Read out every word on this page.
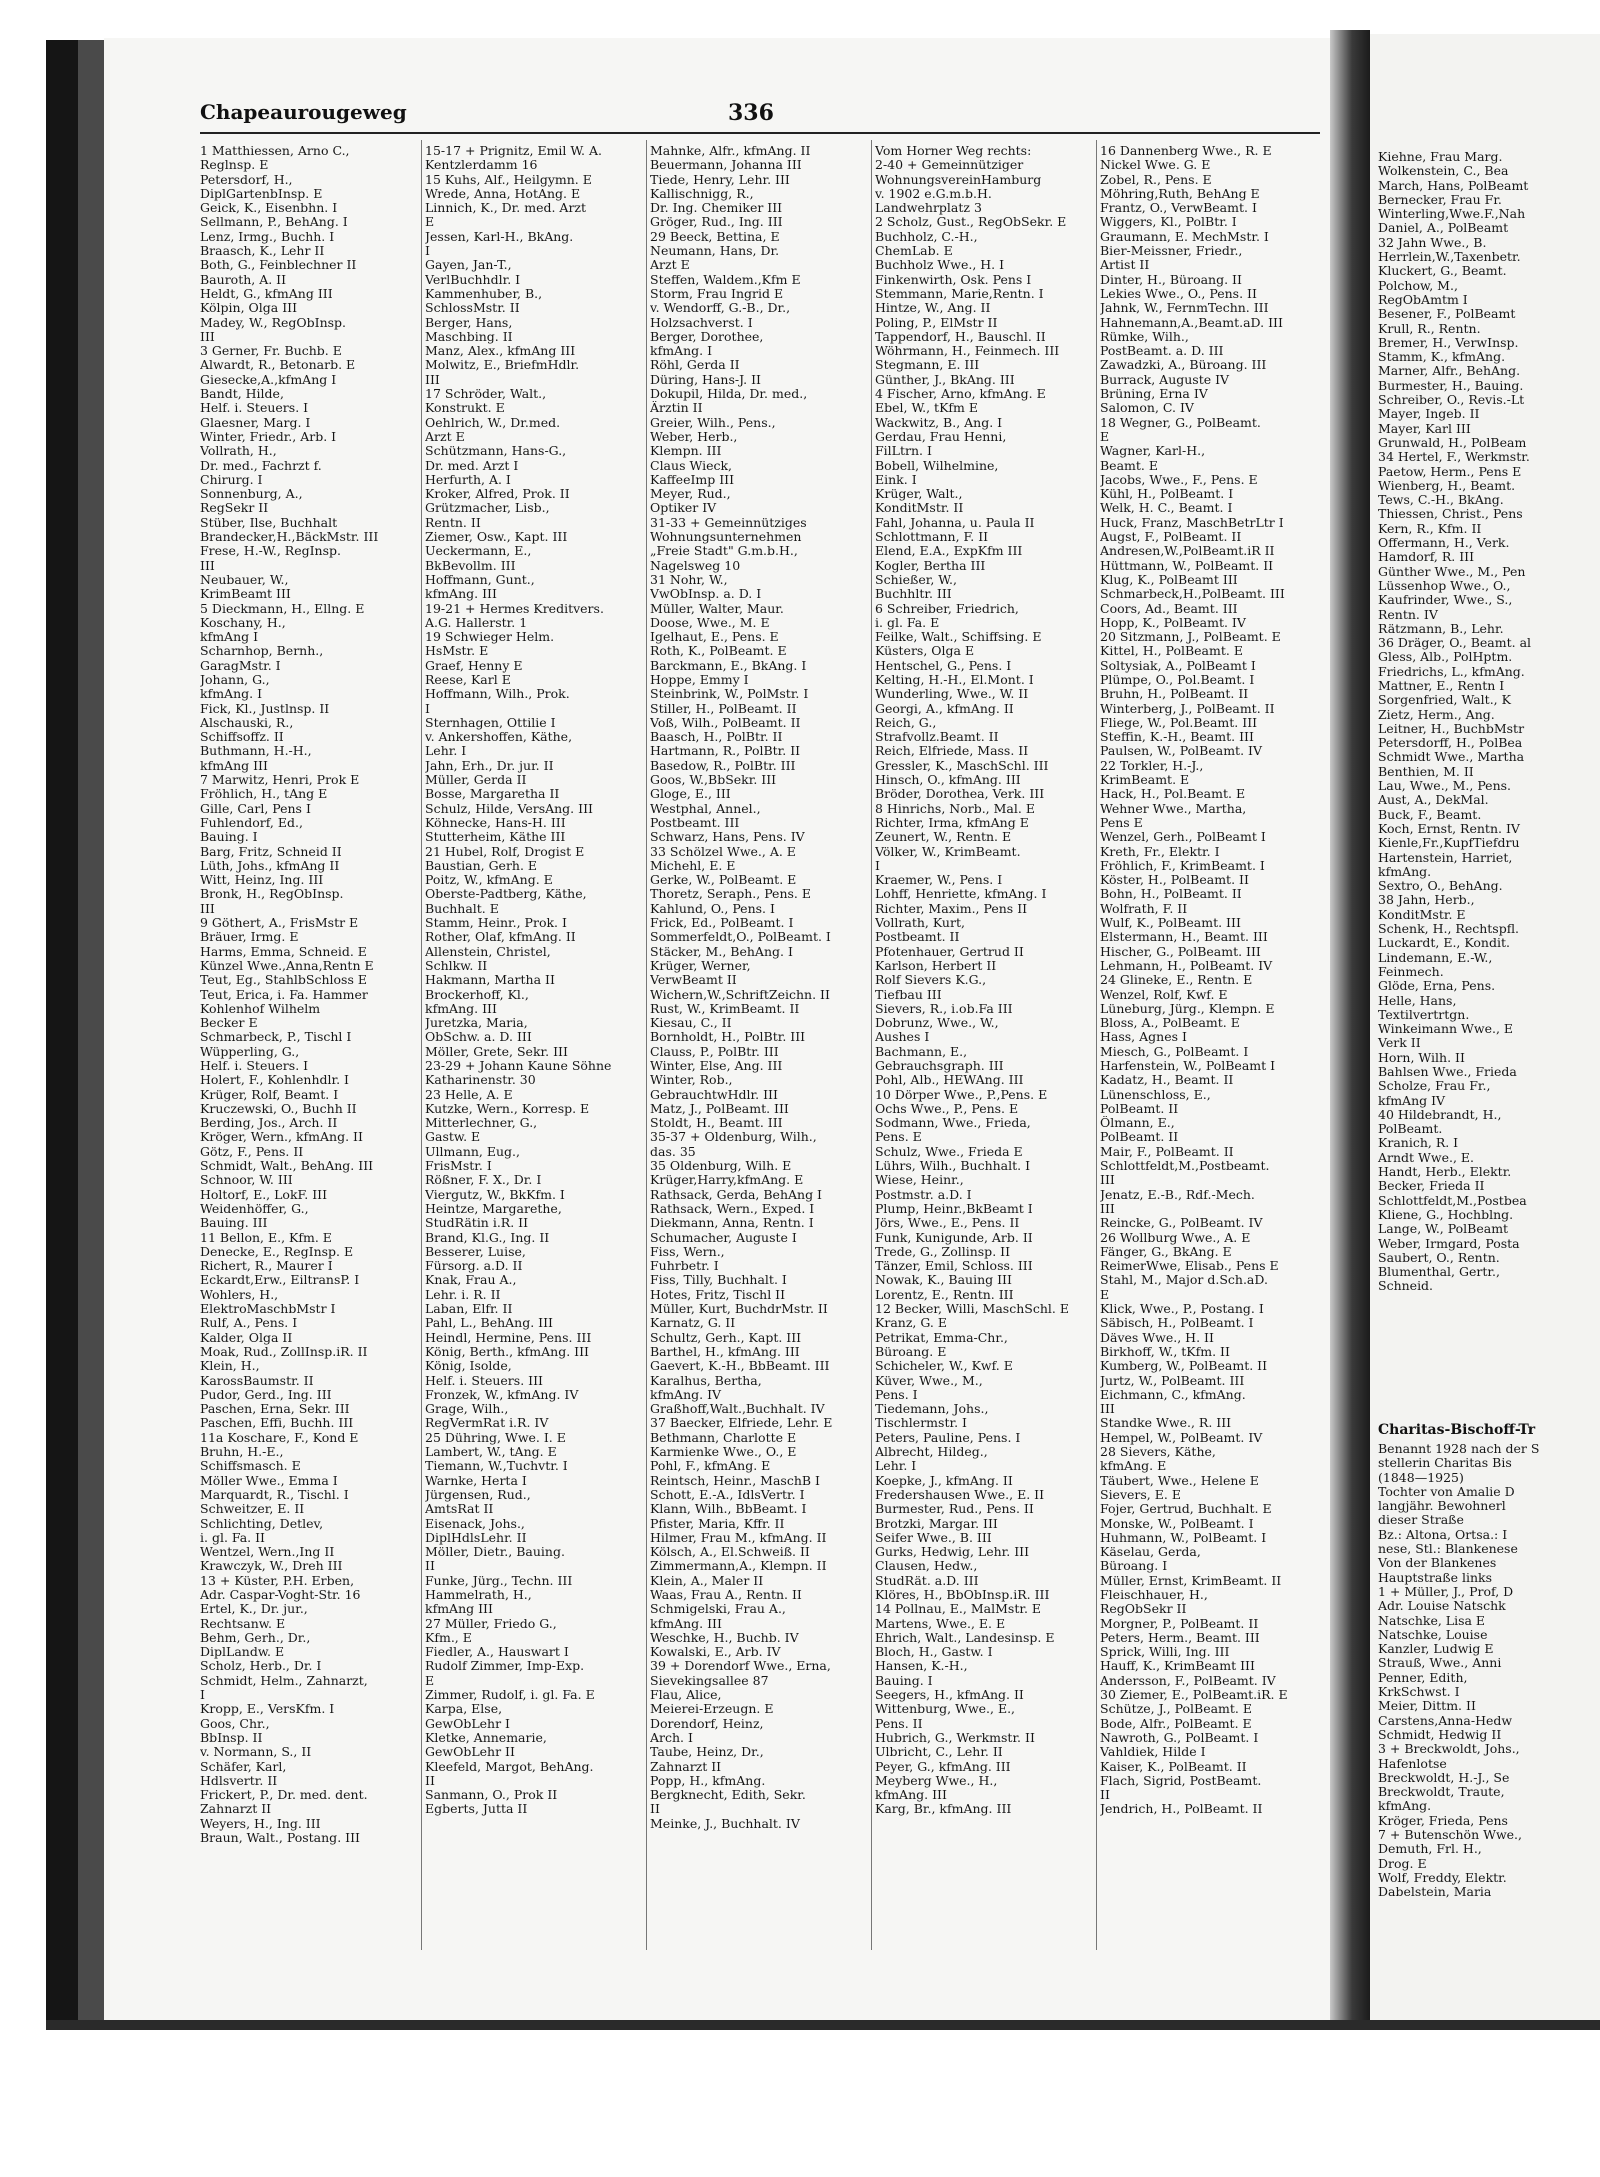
Kiehne, Frau Marg.
Wolkenstein, C., Bea
March, Hans, PolBeamt
Bernecker, Frau Fr.
Winterling,Wwe.F.,Nah
Daniel, A., PolBeamt
32 Jahn Wwe., B.
Herrlein,W.,Taxenbetr.
Kluckert, G., Beamt.
Polchow, M.,
RegObAmtm I
Besener, F., PolBeamt
Krull, R., Rentn.
Bremer, H., VerwInsp.
Stamm, K., kfmAng.
Marner, Alfr., BehAng.
Burmester, H., Bauing.
Schreiber, O., Revis.-Lt
Mayer, Ingeb. II
Mayer, Karl III
Grunwald, H., PolBeam
34 Hertel, F., Werkmstr.
Paetow, Herm., Pens E
Wienberg, H., Beamt.
Tews, C.-H., BkAng.
Thiessen, Christ., Pens
Kern, R., Kfm. II
Offermann, H., Verk.
Hamdorf, R. III
Günther Wwe., M., Pen
Lüssenhop Wwe., O.,
Kaufrinder, Wwe., S.,
Rentn. IV
Rätzmann, B., Lehr.
36 Dräger, O., Beamt. al
Gless, Alb., PolHptm.
Friedrichs, L., kfmAng.
Mattner, E., Rentn I
Sorgenfried, Walt., K
Zietz, Herm., Ang.
Leitner, H., BuchbMstr
Petersdorff, H., PolBea
Schmidt Wwe., Martha
Benthien, M. II
Lau, Wwe., M., Pens.
Aust, A., DekMal.
Buck, F., Beamt.
Koch, Ernst, Rentn. IV
Kienle,Fr.,KupfTiefdru
Hartenstein, Harriet,
kfmAng.
Sextro, O., BehAng.
38 Jahn, Herb.,
KonditMstr. E
Schenk, H., Rechtspfl.
Luckardt, E., Kondit.
Lindemann, E.-W.,
Feinmech.
Glöde, Erna, Pens.
Helle, Hans,
Textilvertrtgn.
Winkeimann Wwe., E
Verk II
Horn, Wilh. II
Bahlsen Wwe., Frieda
Scholze, Frau Fr.,
kfmAng IV
40 Hildebrandt, H.,
PolBeamt.
Kranich, R. I
Arndt Wwe., E.
Handt, Herb., Elektr.
Becker, Frieda II
Schlottfeldt,M.,Postbea
Kliene, G., Hochblng.
Lange, W., PolBeamt
Weber, Irmgard, Posta
Saubert, O., Rentn.
Blumenthal, Gertr.,
Schneid.
Charitas-Bischoff-Tr
Benannt 1928 nach der S
stellerin Charitas Bis
(1848—1925)
Tochter von Amalie D
langjähr. Bewohnerl
dieser Straße
Bz.: Altona, Ortsa.: I
nese, Stl.: Blankenese
Von der Blankenes
Hauptstraße links
1 + Müller, J., Prof, D
Adr. Louise Natschk
Natschke, Lisa E
Natschke, Louise
Kanzler, Ludwig E
Strauß, Wwe., Anni
Penner, Edith,
KrkSchwst. I
Meier, Dittm. II
Carstens,Anna-Hedw
Schmidt, Hedwig II
3 + Breckwoldt, Johs.,
Hafenlotse
Breckwoldt, H.-J., Se
Breckwoldt, Traute,
kfmAng.
Kröger, Frieda, Pens
7 + Butenschön Wwe.,
Demuth, Frl. H.,
Drog. E
Wolf, Freddy, Elektr.
Dabelstein, Maria
Chapeaurougeweg	336
1 Matthiessen, Arno C.,
Reglnsp. E
Petersdorf, H.,
DiplGartenbInsp. E
Geick, K., Eisenbhn. I
Sellmann, P., BehAng. I
Lenz, Irmg., Buchh. I
Braasch, K., Lehr II
Both, G., Feinblechner II
Bauroth, A. II
Heldt, G., kfmAng III
Kölpin, Olga III
Madey, W., RegObInsp.
III
3 Gerner, Fr. Buchb. E
Alwardt, R., Betonarb. E
Giesecke,A.,kfmAng I
Bandt, Hilde,
Helf. i. Steuers. I
Glaesner, Marg. I
Winter, Friedr., Arb. I
Vollrath, H.,
Dr. med., Fachrzt f.
Chirurg. I
Sonnenburg, A.,
RegSekr II
Stüber, Ilse, Buchhalt
Brandecker,H.,BäckMstr. III
Frese, H.-W., RegInsp.
III
Neubauer, W.,
KrimBeamt III
5 Dieckmann, H., Ellng. E
Koschany, H.,
kfmAng I
Scharnhop, Bernh.,
GaragMstr. I
Johann, G.,
kfmAng. I
Fick, Kl., Justlnsp. II
Alschauski, R.,
Schiffsoffz. II
Buthmann, H.-H.,
kfmAng III
7 Marwitz, Henri, Prok E
Fröhlich, H., tAng E
Gille, Carl, Pens I
Fuhlendorf, Ed.,
Bauing. I
Barg, Fritz, Schneid II
Lüth, Johs., kfmAng II
Witt, Heinz, Ing. III
Bronk, H., RegObInsp.
III
9 Göthert, A., FrisMstr E
Bräuer, Irmg. E
Harms, Emma, Schneid. E
Künzel Wwe.,Anna,Rentn E
Teut, Eg., StahlbSchloss E
Teut, Erica, i. Fa. Hammer
Kohlenhof Wilhelm
Becker E
Schmarbeck, P., Tischl I
Wüpperling, G.,
Helf. i. Steuers. I
Holert, F., Kohlenhdlr. I
Krüger, Rolf, Beamt. I
Kruczewski, O., Buchh II
Berding, Jos., Arch. II
Kröger, Wern., kfmAng. II
Götz, F., Pens. II
Schmidt, Walt., BehAng. III
Schnoor, W. III
Holtorf, E., LokF. III
Weidenhöffer, G.,
Bauing. III
11 Bellon, E., Kfm. E
Denecke, E., RegInsp. E
Richert, R., Maurer I
Eckardt,Erw., EiltransP. I
Wohlers, H.,
ElektroMaschbMstr I
Rulf, A., Pens. I
Kalder, Olga II
Moak, Rud., ZollInsp.iR. II
Klein, H.,
KarossBaumstr. II
Pudor, Gerd., Ing. III
Paschen, Erna, Sekr. III
Paschen, Effi, Buchh. III
11a Koschare, F., Kond E
Bruhn, H.-E.,
Schiffsmasch. E
Möller Wwe., Emma I
Marquardt, R., Tischl. I
Schweitzer, E. II
Schlichting, Detlev,
i. gl. Fa. II
Wentzel, Wern.,Ing II
Krawczyk, W., Dreh III
13 + Küster, P.H. Erben,
Adr. Caspar-Voght-Str. 16
Ertel, K., Dr. jur.,
Rechtsanw. E
Behm, Gerh., Dr.,
DiplLandw. E
Scholz, Herb., Dr. I
Schmidt, Helm., Zahnarzt,
I
Kropp, E., VersKfm. I
Goos, Chr.,
BbInsp. II
v. Normann, S., II
Schäfer, Karl,
Hdlsvertr. II
Frickert, P., Dr. med. dent.
Zahnarzt II
Weyers, H., Ing. III
Braun, Walt., Postang. III
15-17 + Prignitz, Emil W. A.
Kentzlerdamm 16
15 Kuhs, Alf., Heilgymn. E
Wrede, Anna, HotAng. E
Linnich, K., Dr. med. Arzt
E
Jessen, Karl-H., BkAng.
I
Gayen, Jan-T.,
VerlBuchhdlr. I
Kammenhuber, B.,
SchlossMstr. II
Berger, Hans,
Maschbing. II
Manz, Alex., kfmAng III
Molwitz, E., BriefmHdlr.
III
17 Schröder, Walt.,
Konstrukt. E
Oehlrich, W., Dr.med.
Arzt E
Schützmann, Hans-G.,
Dr. med. Arzt I
Herfurth, A. I
Kroker, Alfred, Prok. II
Grützmacher, Lisb.,
Rentn. II
Ziemer, Osw., Kapt. III
Ueckermann, E.,
BkBevollm. III
Hoffmann, Gunt.,
kfmAng. III
19-21 + Hermes Kreditvers.
A.G. Hallerstr. 1
19 Schwieger Helm.
HsMstr. E
Graef, Henny E
Reese, Karl E
Hoffmann, Wilh., Prok.
I
Sternhagen, Ottilie I
v. Ankershoffen, Käthe,
Lehr. I
Jahn, Erh., Dr. jur. II
Müller, Gerda II
Bosse, Margaretha II
Schulz, Hilde, VersAng. III
Köhnecke, Hans-H. III
Stutterheim, Käthe III
21 Hubel, Rolf, Drogist E
Baustian, Gerh. E
Poitz, W., kfmAng. E
Oberste-Padtberg, Käthe,
Buchhalt. E
Stamm, Heinr., Prok. I
Rother, Olaf, kfmAng. II
Allenstein, Christel,
Schlkw. II
Hakmann, Martha II
Brockerhoff, Kl.,
kfmAng. III
Juretzka, Maria,
ObSchw. a. D. III
Möller, Grete, Sekr. III
23-29 + Johann Kaune Söhne
Katharinenstr. 30
23 Helle, A. E
Kutzke, Wern., Korresp. E
Mitterlechner, G.,
Gastw. E
Ullmann, Eug.,
FrisMstr. I
Rößner, F. X., Dr. I
Viergutz, W., BkKfm. I
Heintze, Margarethe,
StudRätin i.R. II
Brand, Kl.G., Ing. II
Besserer, Luise,
Fürsorg. a.D. II
Knak, Frau A.,
Lehr. i. R. II
Laban, Elfr. II
Pahl, L., BehAng. III
Heindl, Hermine, Pens. III
König, Berth., kfmAng. III
König, Isolde,
Helf. i. Steuers. III
Fronzek, W., kfmAng. IV
Grage, Wilh.,
RegVermRat i.R. IV
25 Dühring, Wwe. I. E
Lambert, W., tAng. E
Tiemann, W.,Tuchvtr. I
Warnke, Herta I
Jürgensen, Rud.,
AmtsRat II
Eisenack, Johs.,
DiplHdlsLehr. II
Möller, Dietr., Bauing.
II
Funke, Jürg., Techn. III
Hammelrath, H.,
kfmAng III
27 Müller, Friedo G.,
Kfm., E
Fiedler, A., Hauswart I
Rudolf Zimmer, Imp-Exp.
E
Zimmer, Rudolf, i. gl. Fa. E
Karpa, Else,
GewObLehr I
Kletke, Annemarie,
GewObLehr II
Kleefeld, Margot, BehAng.
II
Sanmann, O., Prok II
Egberts, Jutta II
Mahnke, Alfr., kfmAng. II
Beuermann, Johanna III
Tiede, Henry, Lehr. III
Kallischnigg, R.,
Dr. Ing. Chemiker III
Gröger, Rud., Ing. III
29 Beeck, Bettina, E
Neumann, Hans, Dr.
Arzt E
Steffen, Waldem.,Kfm E
Storm, Frau Ingrid E
v. Wendorff, G.-B., Dr.,
Holzsachverst. I
Berger, Dorothee,
kfmAng. I
Röhl, Gerda II
Düring, Hans-J. II
Dokupil, Hilda, Dr. med.,
Ärztin II
Greier, Wilh., Pens.,
Weber, Herb.,
Klempn. III
Claus Wieck,
KaffeeImp III
Meyer, Rud.,
Optiker IV
31-33 + Gemeinnütziges
Wohnungsunternehmen
„Freie Stadt" G.m.b.H.,
Nagelsweg 10
31 Nohr, W.,
VwObInsp. a. D. I
Müller, Walter, Maur.
Doose, Wwe., M. E
Igelhaut, E., Pens. E
Roth, K., PolBeamt. E
Barckmann, E., BkAng. I
Hoppe, Emmy I
Steinbrink, W., PolMstr. I
Stiller, H., PolBeamt. II
Voß, Wilh., PolBeamt. II
Baasch, H., PolBtr. II
Hartmann, R., PolBtr. II
Basedow, R., PolBtr. III
Goos, W.,BbSekr. III
Gloge, E., III
Westphal, Annel.,
Postbeamt. III
Schwarz, Hans, Pens. IV
33 Schölzel Wwe., A. E
Michehl, E. E
Gerke, W., PolBeamt. E
Thoretz, Seraph., Pens. E
Kahlund, O., Pens. I
Frick, Ed., PolBeamt. I
Sommerfeldt,O., PolBeamt. I
Stäcker, M., BehAng. I
Krüger, Werner,
VerwBeamt II
Wichern,W.,SchriftZeichn. II
Rust, W., KrimBeamt. II
Kiesau, C., II
Bornholdt, H., PolBtr. III
Clauss, P., PolBtr. III
Winter, Else, Ang. III
Winter, Rob.,
GebrauchtwHdlr. III
Matz, J., PolBeamt. III
Stoldt, H., Beamt. III
35-37 + Oldenburg, Wilh.,
das. 35
35 Oldenburg, Wilh. E
Krüger,Harry,kfmAng. E
Rathsack, Gerda, BehAng I
Rathsack, Wern., Exped. I
Diekmann, Anna, Rentn. I
Schumacher, Auguste I
Fiss, Wern.,
Fuhrbetr. I
Fiss, Tilly, Buchhalt. I
Hotes, Fritz, Tischl II
Müller, Kurt, BuchdrMstr. II
Karnatz, G. II
Schultz, Gerh., Kapt. III
Barthel, H., kfmAng. III
Gaevert, K.-H., BbBeamt. III
Karalhus, Bertha,
kfmAng. IV
Graßhoff,Walt.,Buchhalt. IV
37 Baecker, Elfriede, Lehr. E
Bethmann, Charlotte E
Karmienke Wwe., O., E
Pohl, F., kfmAng. E
Reintsch, Heinr., MaschB I
Schott, E.-A., IdlsVertr. I
Klann, Wilh., BbBeamt. I
Pfister, Maria, Kffr. II
Hilmer, Frau M., kfmAng. II
Kölsch, A., El.Schweiß. II
Zimmermann,A., Klempn. II
Klein, A., Maler II
Waas, Frau A., Rentn. II
Schmigelski, Frau A.,
kfmAng. III
Weschke, H., Buchb. IV
Kowalski, E., Arb. IV
39 + Dorendorf Wwe., Erna,
Sievekingsallee 87
Flau, Alice,
Meierei-Erzeugn. E
Dorendorf, Heinz,
Arch. I
Taube, Heinz, Dr.,
Zahnarzt II
Popp, H., kfmAng.
Bergknecht, Edith, Sekr.
II
Meinke, J., Buchhalt. IV
Vom Horner Weg rechts:
2-40 + Gemeinnütziger
WohnungsvereinHamburg
v. 1902 e.G.m.b.H.
Landwehrplatz 3
2 Scholz, Gust., RegObSekr. E
Buchholz, C.-H.,
ChemLab. E
Buchholz Wwe., H. I
Finkenwirth, Osk. Pens I
Stemmann, Marie,Rentn. I
Hintze, W., Ang. II
Poling, P., ElMstr II
Tappendorf, H., Bauschl. II
Wöhrmann, H., Feinmech. III
Stegmann, E. III
Günther, J., BkAng. III
4 Fischer, Arno, kfmAng. E
Ebel, W., tKfm E
Wackwitz, B., Ang. I
Gerdau, Frau Henni,
FilLtrn. I
Bobell, Wilhelmine,
Eink. I
Krüger, Walt.,
KonditMstr. II
Fahl, Johanna, u. Paula II
Schlottmann, F. II
Elend, E.A., ExpKfm III
Kogler, Bertha III
Schießer, W.,
Buchhltr. III
6 Schreiber, Friedrich,
i. gl. Fa. E
Feilke, Walt., Schiffsing. E
Küsters, Olga E
Hentschel, G., Pens. I
Kelting, H.-H., El.Mont. I
Wunderling, Wwe., W. II
Georgi, A., kfmAng. II
Reich, G.,
Strafvollz.Beamt. II
Reich, Elfriede, Mass. II
Gressler, K., MaschSchl. III
Hinsch, O., kfmAng. III
Bröder, Dorothea, Verk. III
8 Hinrichs, Norb., Mal. E
Richter, Irma, kfmAng E
Zeunert, W., Rentn. E
Völker, W., KrimBeamt.
I
Kraemer, W., Pens. I
Lohff, Henriette, kfmAng. I
Richter, Maxim., Pens II
Vollrath, Kurt,
Postbeamt. II
Pfotenhauer, Gertrud II
Karlson, Herbert II
Rolf Sievers K.G.,
Tiefbau III
Sievers, R., i.ob.Fa III
Dobrunz, Wwe., W.,
Aushes I
Bachmann, E.,
Gebrauchsgraph. III
Pohl, Alb., HEWAng. III
10 Dörper Wwe., P.,Pens. E
Ochs Wwe., P., Pens. E
Sodmann, Wwe., Frieda,
Pens. E
Schulz, Wwe., Frieda E
Lührs, Wilh., Buchhalt. I
Wiese, Heinr.,
Postmstr. a.D. I
Plump, Heinr.,BkBeamt I
Jörs, Wwe., E., Pens. II
Funk, Kunigunde, Arb. II
Trede, G., Zollinsp. II
Tänzer, Emil, Schloss. III
Nowak, K., Bauing III
Lorentz, E., Rentn. III
12 Becker, Willi, MaschSchl. E
Kranz, G. E
Petrikat, Emma-Chr.,
Büroang. E
Schicheler, W., Kwf. E
Küver, Wwe., M.,
Pens. I
Tiedemann, Johs.,
Tischlermstr. I
Peters, Pauline, Pens. I
Albrecht, Hildeg.,
Lehr. I
Koepke, J., kfmAng. II
Fredershausen Wwe., E. II
Burmester, Rud., Pens. II
Brotzki, Margar. III
Seifer Wwe., B. III
Gurks, Hedwig, Lehr. III
Clausen, Hedw.,
StudRät. a.D. III
Klöres, H., BbObInsp.iR. III
14 Pollnau, E., MalMstr. E
Martens, Wwe., E. E
Ehrich, Walt., Landesinsp. E
Bloch, H., Gastw. I
Hansen, K.-H.,
Bauing. I
Seegers, H., kfmAng. II
Wittenburg, Wwe., E.,
Pens. II
Hubrich, G., Werkmstr. II
Ulbricht, C., Lehr. II
Peyer, G., kfmAng. III
Meyberg Wwe., H.,
kfmAng. III
Karg, Br., kfmAng. III
16 Dannenberg Wwe., R. E
Nickel Wwe. G. E
Zobel, R., Pens. E
Möhring,Ruth, BehAng E
Frantz, O., VerwBeamt. I
Wiggers, Kl., PolBtr. I
Graumann, E. MechMstr. I
Bier-Meissner, Friedr.,
Artist II
Dinter, H., Büroang. II
Lekies Wwe., O., Pens. II
Jahnk, W., FernmTechn. III
Hahnemann,A.,Beamt.aD. III
Rümke, Wilh.,
PostBeamt. a. D. III
Zawadzki, A., Büroang. III
Burrack, Auguste IV
Brüning, Erna IV
Salomon, C. IV
18 Wegner, G., PolBeamt.
E
Wagner, Karl-H.,
Beamt. E
Jacobs, Wwe., F., Pens. E
Kühl, H., PolBeamt. I
Welk, H. C., Beamt. I
Huck, Franz, MaschBetrLtr I
Augst, F., PolBeamt. II
Andresen,W.,PolBeamt.iR II
Hüttmann, W., PolBeamt. II
Klug, K., PolBeamt III
Schmarbeck,H.,PolBeamt. III
Coors, Ad., Beamt. III
Hopp, K., PolBeamt. IV
20 Sitzmann, J., PolBeamt. E
Kittel, H., PolBeamt. E
Soltysiak, A., PolBeamt I
Plümpe, O., Pol.Beamt. I
Bruhn, H., PolBeamt. II
Winterberg, J., PolBeamt. II
Fliege, W., Pol.Beamt. III
Steffin, K.-H., Beamt. III
Paulsen, W., PolBeamt. IV
22 Torkler, H.-J.,
KrimBeamt. E
Hack, H., Pol.Beamt. E
Wehner Wwe., Martha,
Pens E
Wenzel, Gerh., PolBeamt I
Kreth, Fr., Elektr. I
Fröhlich, F., KrimBeamt. I
Köster, H., PolBeamt. II
Bohn, H., PolBeamt. II
Wolfrath, F. II
Wulf, K., PolBeamt. III
Elstermann, H., Beamt. III
Hischer, G., PolBeamt. III
Lehmann, H., PolBeamt. IV
24 Glineke, E., Rentn. E
Wenzel, Rolf, Kwf. E
Lüneburg, Jürg., Klempn. E
Bloss, A., PolBeamt. E
Hass, Agnes I
Miesch, G., PolBeamt. I
Harfenstein, W., PolBeamt I
Kadatz, H., Beamt. II
Lünenschloss, E.,
PolBeamt. II
Ölmann, E.,
PolBeamt. II
Mair, F., PolBeamt. II
Schlottfeldt,M.,Postbeamt.
III
Jenatz, E.-B., Rdf.-Mech.
III
Reincke, G., PolBeamt. IV
26 Wollburg Wwe., A. E
Fänger, G., BkAng. E
ReimerWwe, Elisab., Pens E
Stahl, M., Major d.Sch.aD.
E
Klick, Wwe., P., Postang. I
Säbisch, H., PolBeamt. I
Däves Wwe., H. II
Birkhoff, W., tKfm. II
Kumberg, W., PolBeamt. II
Jurtz, W., PolBeamt. III
Eichmann, C., kfmAng.
III
Standke Wwe., R. III
Hempel, W., PolBeamt. IV
28 Sievers, Käthe,
kfmAng. E
Täubert, Wwe., Helene E
Sievers, E. E
Fojer, Gertrud, Buchhalt. E
Monske, W., PolBeamt. I
Huhmann, W., PolBeamt. I
Käselau, Gerda,
Büroang. I
Müller, Ernst, KrimBeamt. II
Fleischhauer, H.,
RegObSekr II
Morgner, P., PolBeamt. II
Peters, Herm., Beamt. III
Sprick, Willi, Ing. III
Hauff, K., KrimBeamt III
Andersson, F., PolBeamt. IV
30 Ziemer, E., PolBeamt.iR. E
Schütze, J., PolBeamt. E
Bode, Alfr., PolBeamt. E
Nawroth, G., PolBeamt. I
Vahldiek, Hilde I
Kaiser, K., PolBeamt. II
Flach, Sigrid, PostBeamt.
II
Jendrich, H., PolBeamt. II
